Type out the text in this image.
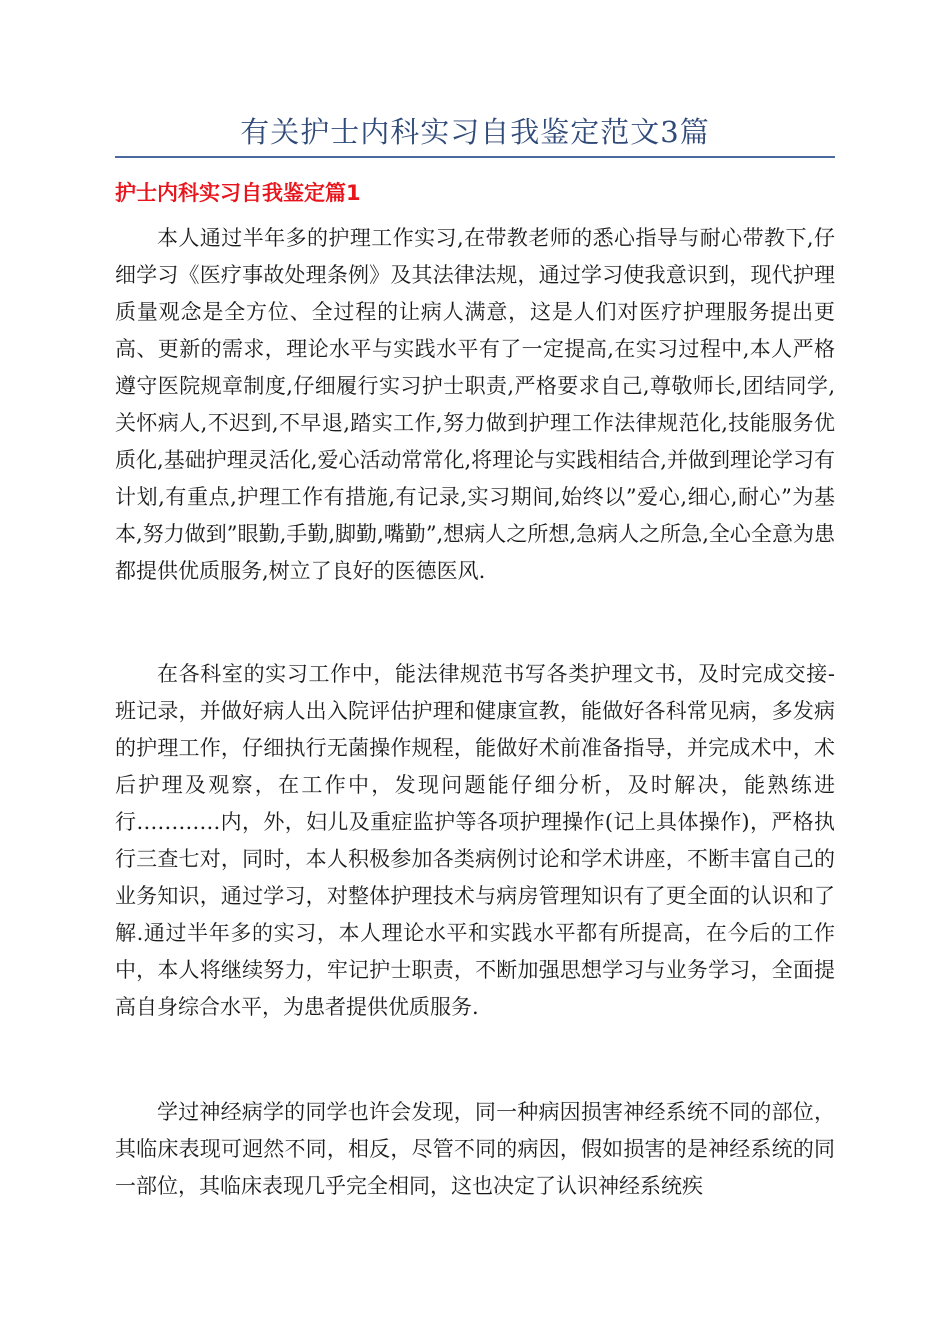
有关护士内科实习自我鉴定范文3篇
护士内科实习自我鉴定篇1

本人通过半年多的护理工作实习,在带教老师的悉心指导与耐心带教下,仔细学习《医疗事故处理条例》及其法律法规，通过学习使我意识到，现代护理质量观念是全方位、全过程的让病人满意，这是人们对医疗护理服务提出更高、更新的需求，理论水平与实践水平有了一定提高,在实习过程中,本人严格遵守医院规章制度,仔细履行实习护士职责,严格要求自己,尊敬师长,团结同学,关怀病人,不迟到,不早退,踏实工作,努力做到护理工作法律规范化,技能服务优质化,基础护理灵活化,爱心活动常常化,将理论与实践相结合,并做到理论学习有计划,有重点,护理工作有措施,有记录,实习期间,始终以”爱心,细心,耐心”为基本,努力做到”眼勤,手勤,脚勤,嘴勤”,想病人之所想,急病人之所急,全心全意为患都提供优质服务,树立了良好的医德医风.

在各科室的实习工作中，能法律规范书写各类护理文书，及时完成交接-班记录，并做好病人出入院评估护理和健康宣教，能做好各科常见病，多发病的护理工作，仔细执行无菌操作规程，能做好术前准备指导，并完成术中，术后护理及观察，在工作中，发现问题能仔细分析，及时解决，能熟练进行…………内，外，妇儿及重症监护等各项护理操作(记上具体操作)，严格执行三查七对，同时，本人积极参加各类病例讨论和学术讲座，不断丰富自己的业务知识，通过学习，对整体护理技术与病房管理知识有了更全面的认识和了解.通过半年多的实习，本人理论水平和实践水平都有所提高，在今后的工作中，本人将继续努力，牢记护士职责，不断加强思想学习与业务学习，全面提高自身综合水平，为患者提供优质服务.

学过神经病学的同学也许会发现，同一种病因损害神经系统不同的部位，其临床表现可迥然不同，相反，尽管不同的病因，假如损害的是神经系统的同一部位，其临床表现几乎完全相同，这也决定了认识神经系统疾
